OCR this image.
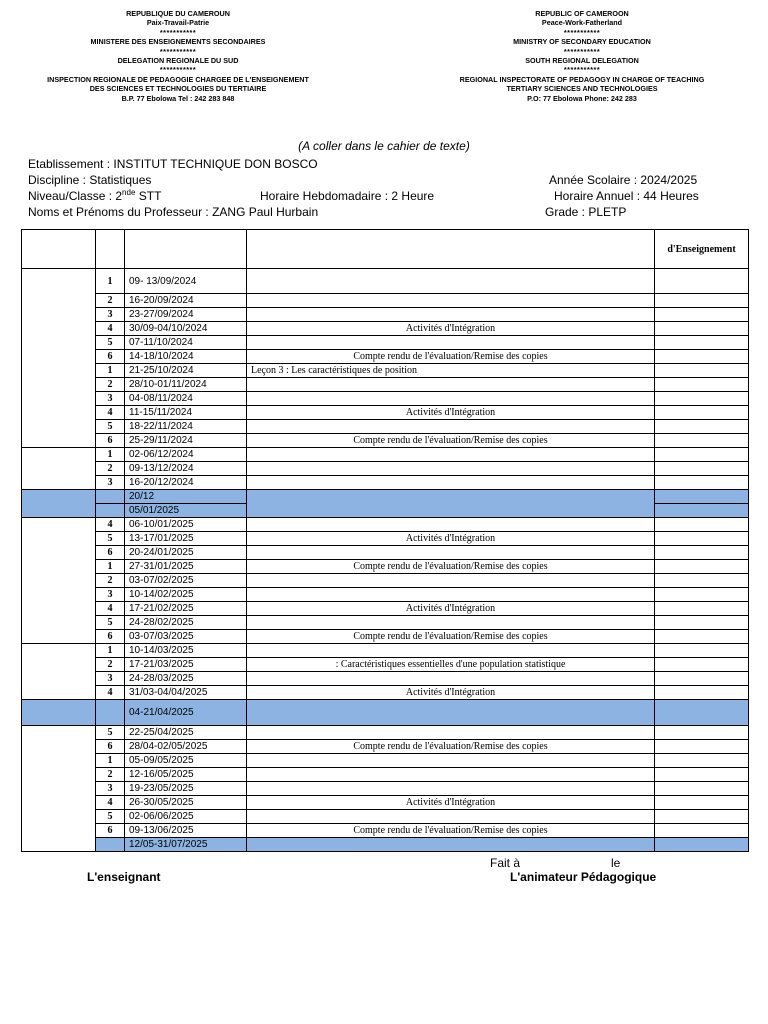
REPUBLIQUE DU CAMEROUN
Paix-Travail-Patrie
***********
MINISTERE DES ENSEIGNEMENTS SECONDAIRES
***********
DELEGATION REGIONALE DU SUD
***********
INSPECTION REGIONALE DE PEDAGOGIE CHARGEE DE L'ENSEIGNEMENT
DES SCIENCES ET TECHNOLOGIES DU TERTIAIRE
B.P. 77 Ebolowa Tel : 242 283 848
REPUBLIC OF CAMEROON
Peace-Work-Fatherland
***********
MINISTRY OF SECONDARY EDUCATION
***********
SOUTH REGIONAL DELEGATION
***********
REGIONAL INSPECTORATE OF PEDAGOGY IN CHARGE OF TEACHING
TERTIARY SCIENCES AND TECHNOLOGIES
P.O: 77 Ebolowa Phone: 242 283
(A coller dans le cahier de texte)
Etablissement : INSTITUT TECHNIQUE DON BOSCO
Discipline : Statistiques	Année Scolaire : 2024/2025
Niveau/Classe : 2nde STT	Horaire Hebdomadaire : 2 Heure	Horaire Annuel : 44 Heures
Noms et Prénoms du Professeur : ZANG Paul Hurbain	Grade : PLETP
				d'Enseignement
	1	09- 13/09/2024		
	2	16-20/09/2024		
	3	23-27/09/2024		
	4	30/09-04/10/2024	Activités d'Intégration	
	5	07-11/10/2024		
	6	14-18/10/2024	Compte rendu de l'évaluation/Remise des copies	
	1	21-25/10/2024	Leçon 3 : Les caractéristiques de position	
	2	28/10-01/11/2024		
	3	04-08/11/2024		
	4	11-15/11/2024	Activités d'Intégration	
	5	18-22/11/2024		
	6	25-29/11/2024	Compte rendu de l'évaluation/Remise des copies	
	1	02-06/12/2024		
	2	09-13/12/2024		
	3	16-20/12/2024		
		20/12		
		05/01/2025		
	4	06-10/01/2025		
	5	13-17/01/2025	Activités d'Intégration	
	6	20-24/01/2025		
	1	27-31/01/2025	Compte rendu de l'évaluation/Remise des copies	
	2	03-07/02/2025		
	3	10-14/02/2025		
	4	17-21/02/2025	Activités d'Intégration	
	5	24-28/02/2025		
	6	03-07/03/2025	Compte rendu de l'évaluation/Remise des copies	
	1	10-14/03/2025		
	2	17-21/03/2025	: Caractéristiques essentielles d'une population statistique	
	3	24-28/03/2025		
	4	31/03-04/04/2025	Activités d'Intégration	
		04-21/04/2025		
	5	22-25/04/2025		
	6	28/04-02/05/2025	Compte rendu de l'évaluation/Remise des copies	
	1	05-09/05/2025		
	2	12-16/05/2025		
	3	19-23/05/2025		
	4	26-30/05/2025	Activités d'Intégration	
	5	02-06/06/2025		
	6	09-13/06/2025	Compte rendu de l'évaluation/Remise des copies	
		12/05-31/07/2025		
Fait à	le
L'enseignant	L'animateur Pédagogique
